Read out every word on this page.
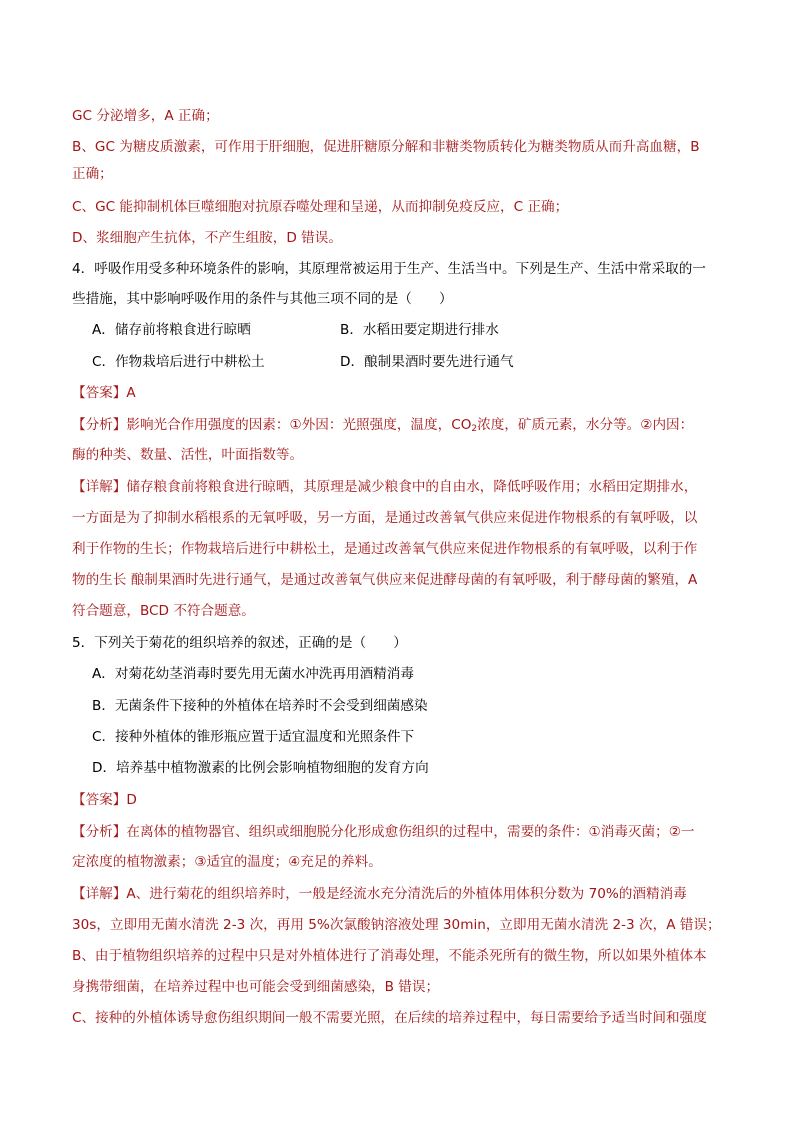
GC 分泌增多，A 正确；
B、GC 为糖皮质激素，可作用于肝细胞，促进肝糖原分解和非糖类物质转化为糖类物质从而升高血糖，B
正确；
C、GC 能抑制机体巨噬细胞对抗原吞噬处理和呈递，从而抑制免疫反应，C 正确；
D、浆细胞产生抗体，不产生组胺，D 错误。
4．呼吸作用受多种环境条件的影响，其原理常被运用于生产、生活当中。下列是生产、生活中常采取的一
些措施，其中影响呼吸作用的条件与其他三项不同的是（　　）
【答案】A
【分析】影响光合作用强度的因素：①外因：光照强度，温度，$CO_2$浓度，矿质元素，水分等。②内因：
酶的种类、数量、活性，叶面指数等。
【详解】储存粮食前将粮食进行晾晒，其原理是减少粮食中的自由水，降低呼吸作用；水稻田定期排水，
一方面是为了抑制水稻根系的无氧呼吸，另一方面，是通过改善氧气供应来促进作物根系的有氧呼吸，以
利于作物的生长；作物栽培后进行中耕松土，是通过改善氧气供应来促进作物根系的有氧呼吸，以利于作
物的生长 酿制果酒时先进行通气，是通过改善氧气供应来促进酵母菌的有氧呼吸，利于酵母菌的繁殖，A
符合题意，BCD 不符合题意。
5．下列关于菊花的组织培养的叙述，正确的是（　　）
【答案】D
【分析】在离体的植物器官、组织或细胞脱分化形成愈伤组织的过程中，需要的条件：①消毒灭菌；②一
定浓度的植物激素；③适宜的温度；④充足的养料。
【详解】A、进行菊花的组织培养时，一般是经流水充分清洗后的外植体用体积分数为 70%的酒精消毒
30s，立即用无菌水清洗 2-3 次，再用 5%次氯酸钠溶液处理 30min，立即用无菌水清洗 2-3 次，A 错误；
B、由于植物组织培养的过程中只是对外植体进行了消毒处理，不能杀死所有的微生物，所以如果外植体本
身携带细菌，在培养过程中也可能会受到细菌感染，B 错误；
C、接种的外植体诱导愈伤组织期间一般不需要光照，在后续的培养过程中，每日需要给予适当时间和强度
A．储存前将粮食进行晾晒	B．水稻田要定期进行排水
C．作物栽培后进行中耕松土	D．酿制果酒时要先进行通气
A．对菊花幼茎消毒时要先用无菌水冲洗再用酒精消毒
B．无菌条件下接种的外植体在培养时不会受到细菌感染
C．接种外植体的锥形瓶应置于适宜温度和光照条件下
D．培养基中植物激素的比例会影响植物细胞的发育方向
